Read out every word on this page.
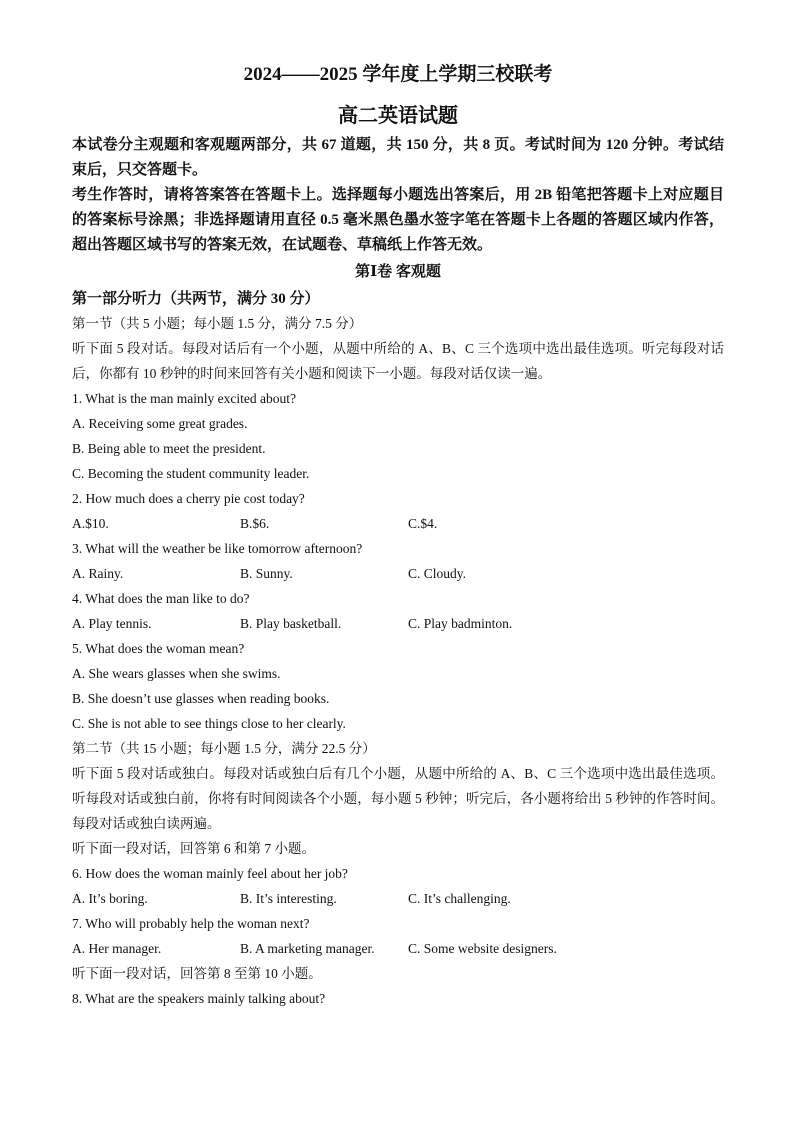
2024——2025 学年度上学期三校联考
高二英语试题

本试卷分主观题和客观题两部分，共 67 道题，共 150 分，共 8 页。考试时间为 120 分钟。考试结束后，只交答题卡。

考生作答时，请将答案答在答题卡上。选择题每小题选出答案后，用 2B 铅笔把答题卡上对应题目的答案标号涂黑；非选择题请用直径 0.5 毫米黑色墨水签字笔在答题卡上各题的答题区域内作答，超出答题区域书写的答案无效，在试题卷、草稿纸上作答无效。

第Ⅰ卷 客观题
第一部分听力（共两节，满分 30 分）

第一节（共 5 小题；每小题 1.5 分，满分 7.5 分）

听下面 5 段对话。每段对话后有一个小题，从题中所给的 A、B、C 三个选项中选出最佳选项。听完每段对话后，你都有 10 秒钟的时间来回答有关小题和阅读下一小题。每段对话仅读一遍。

1. What is the man mainly excited about?

A. Receiving some great grades.

B. Being able to meet the president.

C. Becoming the student community leader.

2. How much does a cherry pie cost today?

A.$10.	B.$6.	C.$4.

3. What will the weather be like tomorrow afternoon?

A. Rainy.	B. Sunny.	C. Cloudy.

4. What does the man like to do?

A. Play tennis.	B. Play basketball.	C. Play badminton.

5. What does the woman mean?

A. She wears glasses when she swims.

B. She doesn’t use glasses when reading books.

C. She is not able to see things close to her clearly.

第二节（共 15 小题；每小题 1.5 分，满分 22.5 分）

听下面 5 段对话或独白。每段对话或独白后有几个小题，从题中所给的 A、B、C 三个选项中选出最佳选项。听每段对话或独白前，你将有时间阅读各个小题，每小题 5 秒钟；听完后，各小题将给出 5 秒钟的作答时间。每段对话或独白读两遍。

听下面一段对话，回答第 6 和第 7 小题。

6. How does the woman mainly feel about her job?

A. It’s boring.	B. It’s interesting.	C. It’s challenging.

7. Who will probably help the woman next?

A. Her manager.	B. A marketing manager.	C. Some website designers.

听下面一段对话，回答第 8 至第 10 小题。

8. What are the speakers mainly talking about?
